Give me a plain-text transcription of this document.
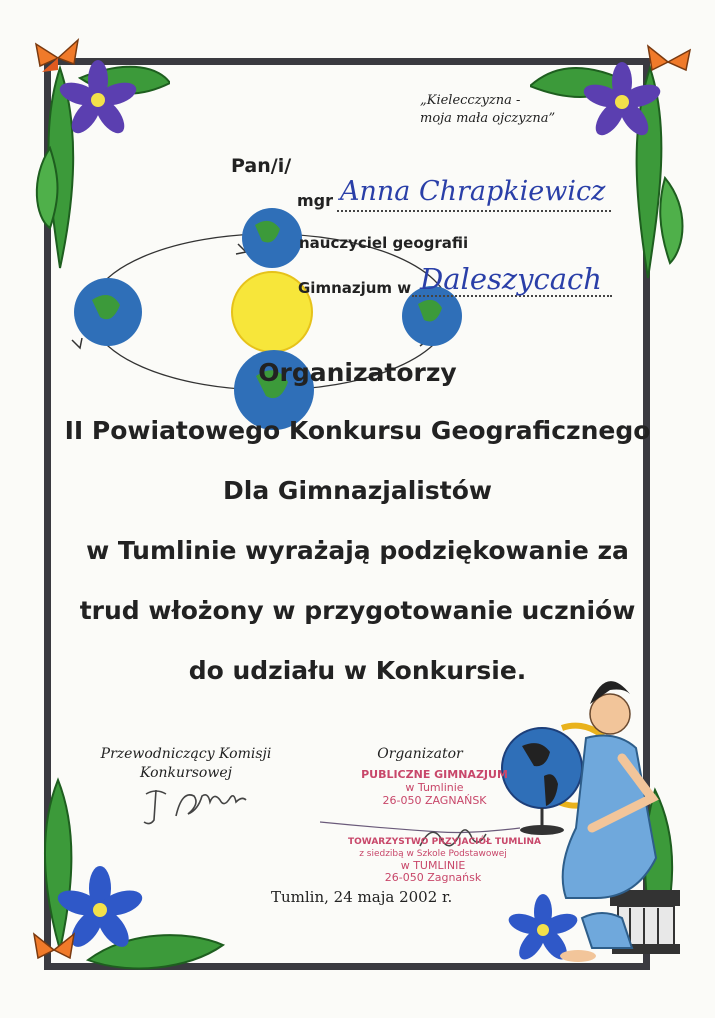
„Kielecczyzna -
moja mała ojczyzna”
Pan/i/
mgr Anna Chrapkiewicz
nauczyciel geografii
Gimnazjum w Daleszycach
Organizatorzy
II Powiatowego Konkursu Geograficznego
Dla Gimnazjalistów
w Tumlinie wyrażają podziękowanie za
trud włożony w przygotowanie uczniów
do udziału w Konkursie.
Przewodniczący Komisji
Konkursowej
Organizator
PUBLICZNE GIMNAZJUM
w Tumlinie
26-050 ZAGNAŃSK
TOWARZYSTWO PRZYJACIÓŁ TUMLINA
z siedzibą w Szkole Podstawowej
w TUMLINIE
26-050 Zagnańsk
Tumlin, 24 maja 2002 r.
